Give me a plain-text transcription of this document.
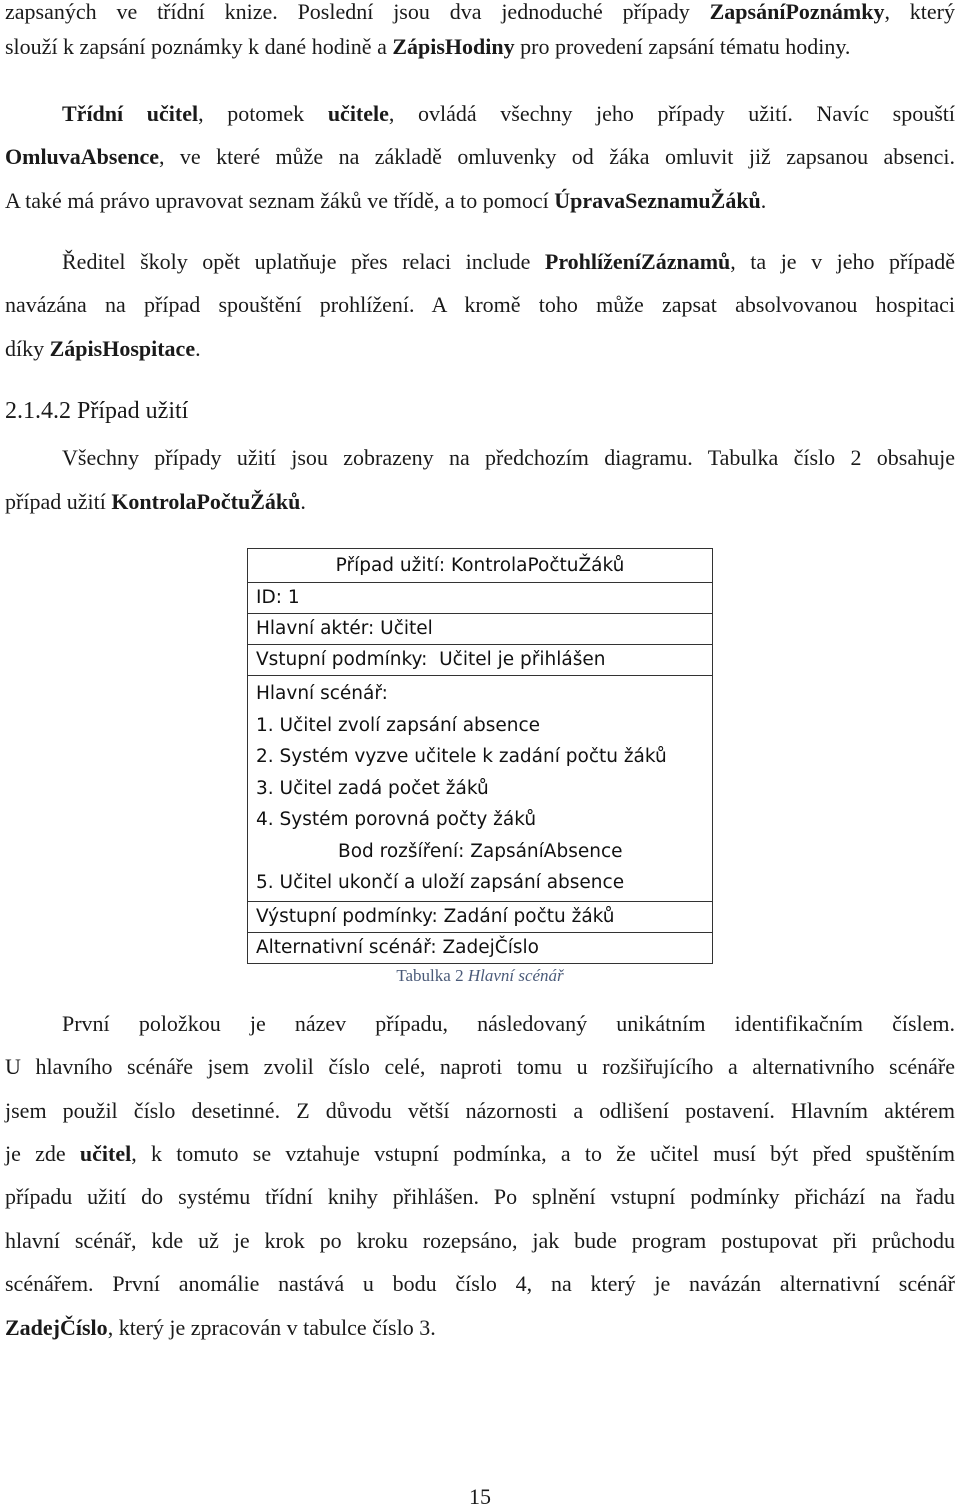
zapsaných ve třídní knize. Poslední jsou dva jednoduché případy ZapsáníPoznámky, který
slouží k zapsání poznámky k dané hodině a ZápisHodiny pro provedení zapsání tématu hodiny.
Třídní učitel, potomek učitele, ovládá všechny jeho případy užití. Navíc spouští
OmluvaAbsence, ve které může na základě omluvenky od žáka omluvit již zapsanou absenci.
A také má právo upravovat seznam žáků ve třídě, a to pomocí ÚpravaSeznamuŽáků.
Ředitel školy opět uplatňuje přes relaci include ProhlíženíZáznamů, ta je v jeho případě
navázána na případ spouštění prohlížení. A kromě toho může zapsat absolvovanou hospitaci
díky ZápisHospitace.
2.1.4.2 Případ užití
Všechny případy užití jsou zobrazeny na předchozím diagramu. Tabulka číslo 2 obsahuje
případ užití KontrolaPočtuŽáků.
Případ užití: KontrolaPočtuŽáků
ID: 1
Hlavní aktér: Učitel
Vstupní podmínky:  Učitel je přihlášen

Hlavní scénář:
1. Učitel zvolí zapsání absence
2. Systém vyzve učitele k zadání počtu žáků
3. Učitel zadá počet žáků
4. Systém porovná počty žáků
Bod rozšíření: ZapsáníAbsence
5. Učitel ukončí a uloží zapsání absence

Výstupní podmínky: Zadání počtu žáků
Alternativní scénář: ZadejČíslo
Tabulka 2 Hlavní scénář
První položkou je název případu, následovaný unikátním identifikačním číslem.
U hlavního scénáře jsem zvolil číslo celé, naproti tomu u rozšiřujícího a alternativního scénáře
jsem použil číslo desetinné. Z důvodu větší názornosti a odlišení postavení. Hlavním aktérem
je zde učitel, k tomuto se vztahuje vstupní podmínka, a to že učitel musí být před spuštěním
případu užití do systému třídní knihy přihlášen. Po splnění vstupní podmínky přichází na řadu
hlavní scénář, kde už je krok po kroku rozepsáno, jak bude program postupovat při průchodu
scénářem. První anomálie nastává u bodu číslo 4, na který je navázán alternativní scénář
ZadejČíslo, který je zpracován v tabulce číslo 3.
15
